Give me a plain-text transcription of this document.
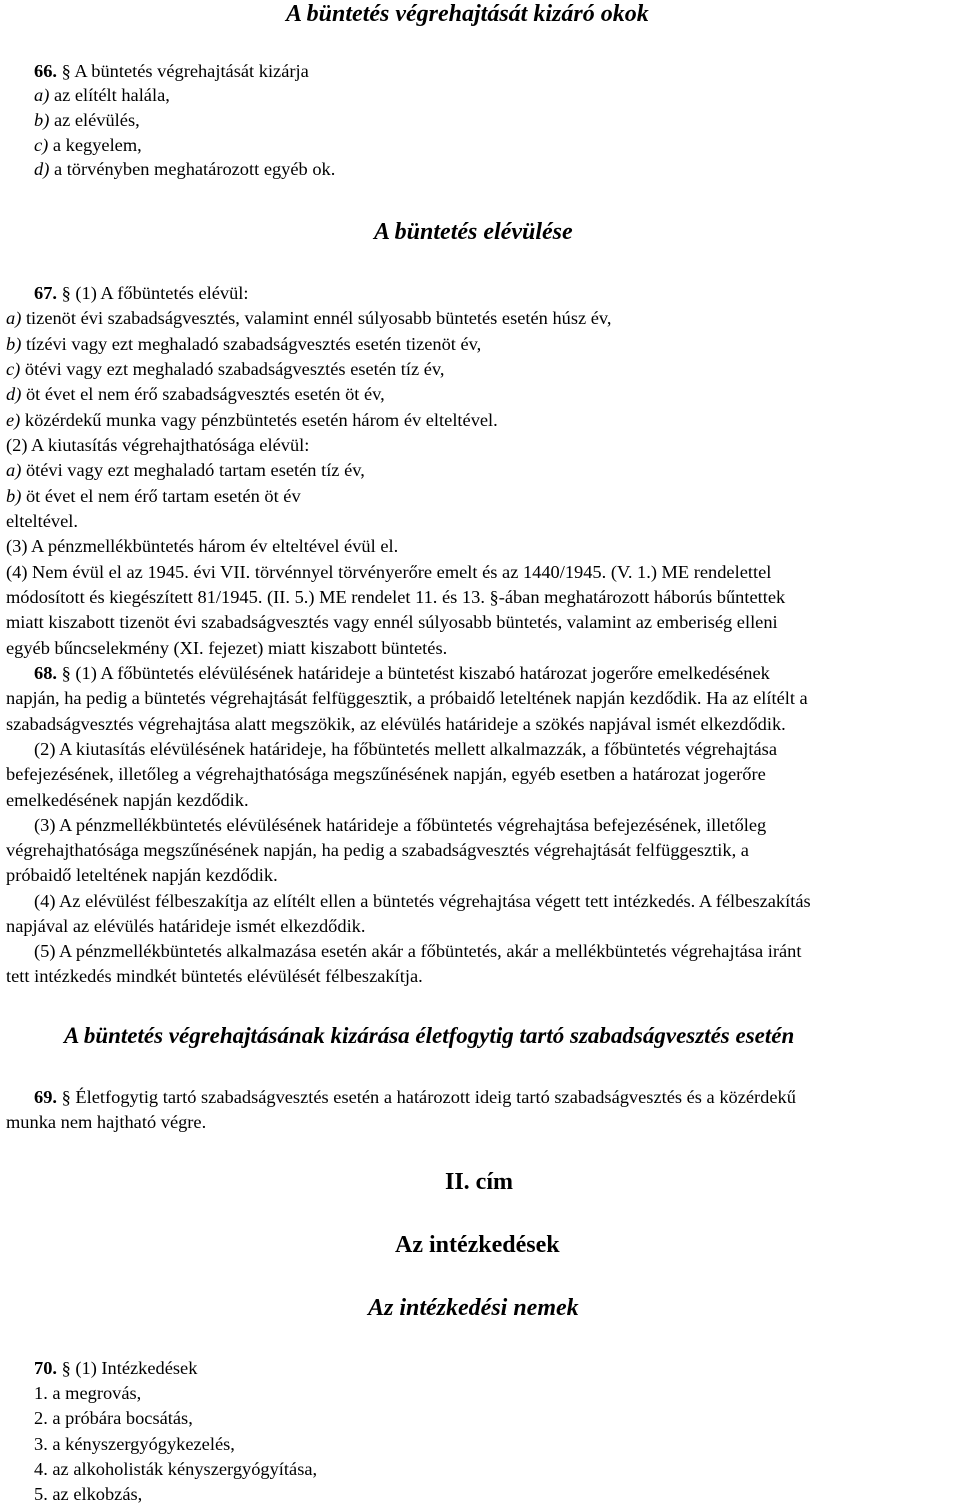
A büntetés végrehajtását kizáró okok
66. § A büntetés végrehajtását kizárja
a) az elítélt halála,
b) az elévülés,
c) a kegyelem,
d) a törvényben meghatározott egyéb ok.
A büntetés elévülése
67. § (1) A főbüntetés elévül:
a) tizenöt évi szabadságvesztés, valamint ennél súlyosabb büntetés esetén húsz év,
b) tízévi vagy ezt meghaladó szabadságvesztés esetén tizenöt év,
c) ötévi vagy ezt meghaladó szabadságvesztés esetén tíz év,
d) öt évet el nem érő szabadságvesztés esetén öt év,
e) közérdekű munka vagy pénzbüntetés esetén három év elteltével.
(2) A kiutasítás végrehajthatósága elévül:
a) ötévi vagy ezt meghaladó tartam esetén tíz év,
b) öt évet el nem érő tartam esetén öt év
elteltével.
(3) A pénzmellékbüntetés három év elteltével évül el.
(4) Nem évül el az 1945. évi VII. törvénnyel törvényerőre emelt és az 1440/1945. (V. 1.) ME rendelettel
módosított és kiegészített 81/1945. (II. 5.) ME rendelet 11. és 13. §-ában meghatározott háborús bűntettek
miatt kiszabott tizenöt évi szabadságvesztés vagy ennél súlyosabb büntetés, valamint az emberiség elleni
egyéb bűncselekmény (XI. fejezet) miatt kiszabott büntetés.
68. § (1) A főbüntetés elévülésének határideje a büntetést kiszabó határozat jogerőre emelkedésének
napján, ha pedig a büntetés végrehajtását felfüggesztik, a próbaidő leteltének napján kezdődik. Ha az elítélt a
szabadságvesztés végrehajtása alatt megszökik, az elévülés határideje a szökés napjával ismét elkezdődik.
(2) A kiutasítás elévülésének határideje, ha főbüntetés mellett alkalmazzák, a főbüntetés végrehajtása
befejezésének, illetőleg a végrehajthatósága megszűnésének napján, egyéb esetben a határozat jogerőre
emelkedésének napján kezdődik.
(3) A pénzmellékbüntetés elévülésének határideje a főbüntetés végrehajtása befejezésének, illetőleg
végrehajthatósága megszűnésének napján, ha pedig a szabadságvesztés végrehajtását felfüggesztik, a
próbaidő leteltének napján kezdődik.
(4) Az elévülést félbeszakítja az elítélt ellen a büntetés végrehajtása végett tett intézkedés. A félbeszakítás
napjával az elévülés határideje ismét elkezdődik.
(5) A pénzmellékbüntetés alkalmazása esetén akár a főbüntetés, akár a mellékbüntetés végrehajtása iránt
tett intézkedés mindkét büntetés elévülését félbeszakítja.
A büntetés végrehajtásának kizárása életfogytig tartó szabadságvesztés esetén
69. § Életfogytig tartó szabadságvesztés esetén a határozott ideig tartó szabadságvesztés és a közérdekű
munka nem hajtható végre.
II. cím
Az intézkedések
Az intézkedési nemek
70. § (1) Intézkedések
1. a megrovás,
2. a próbára bocsátás,
3. a kényszergyógykezelés,
4. az alkoholisták kényszergyógyítása,
5. az elkobzás,
